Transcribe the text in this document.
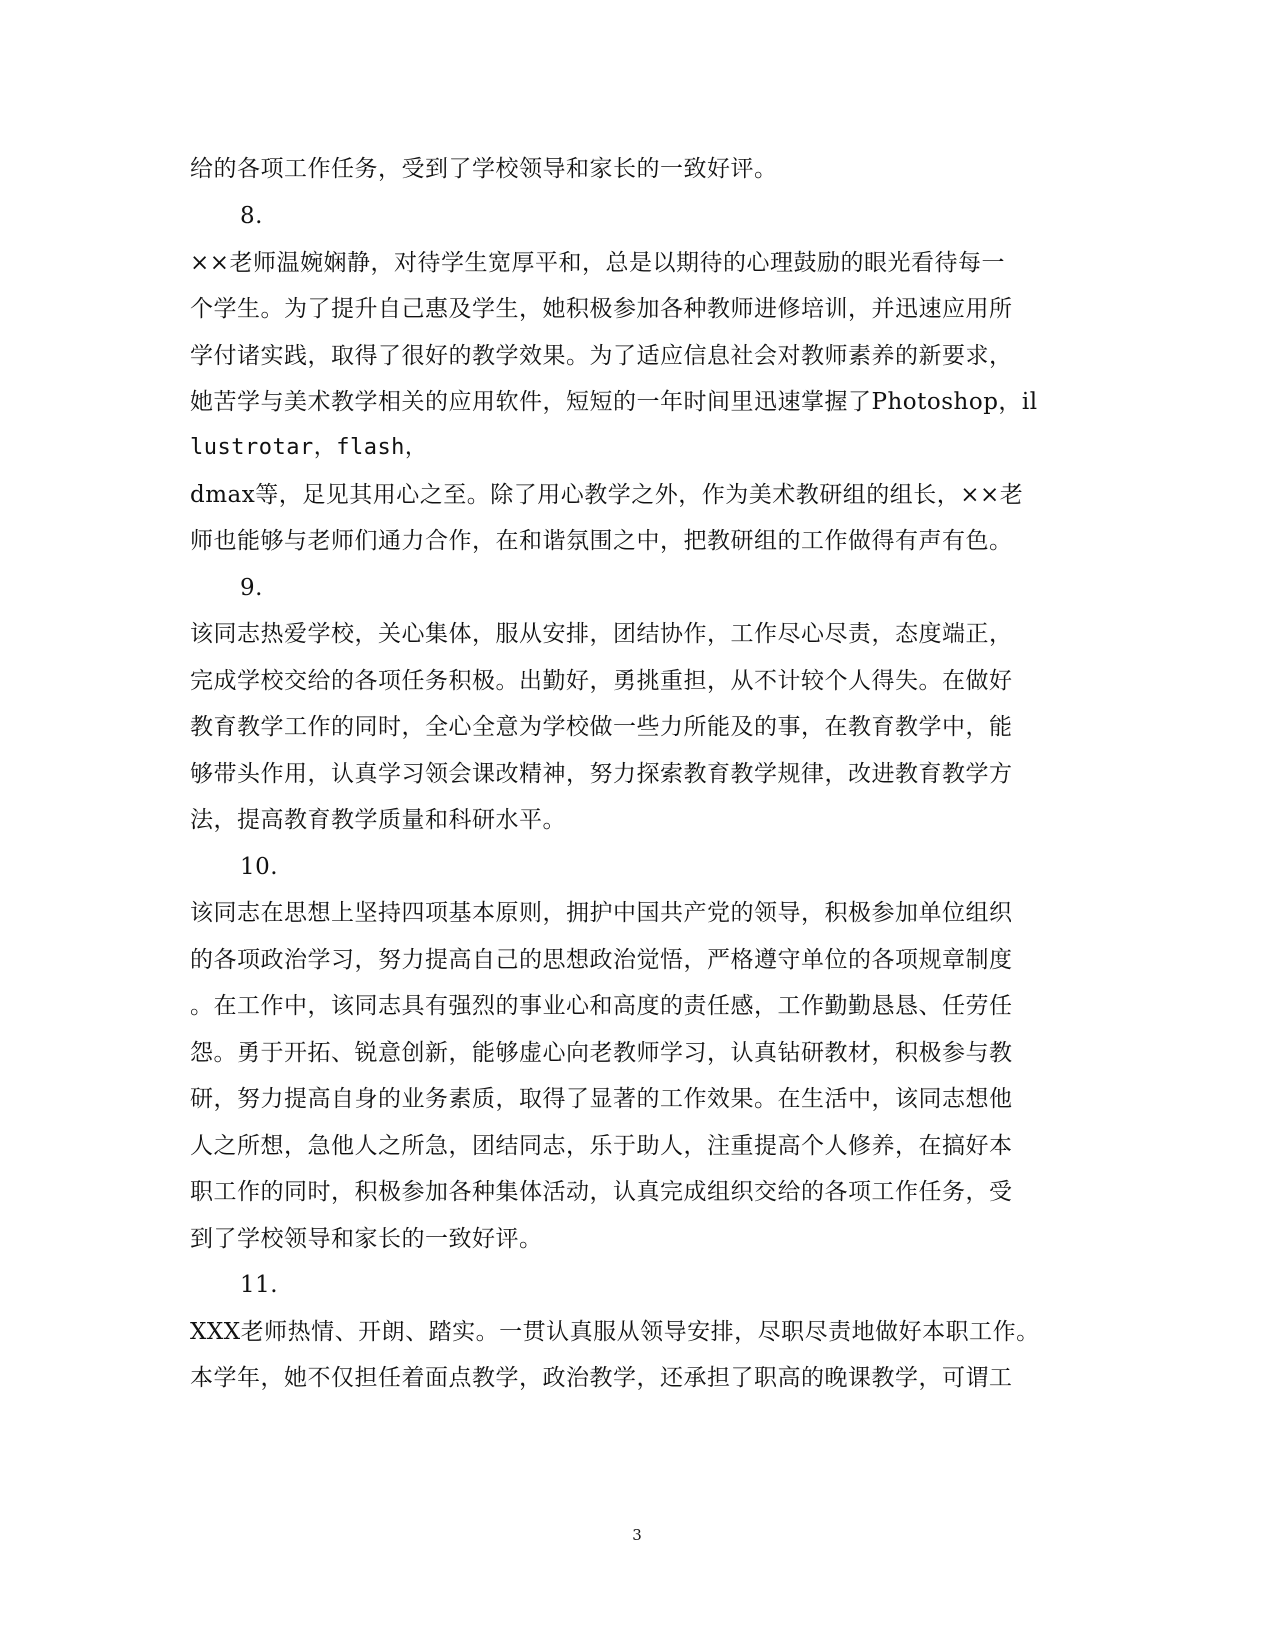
给的各项工作任务，受到了学校领导和家长的一致好评。
8.
××老师温婉娴静，对待学生宽厚平和，总是以期待的心理鼓励的眼光看待每一
个学生。为了提升自己惠及学生，她积极参加各种教师进修培训，并迅速应用所
学付诸实践，取得了很好的教学效果。为了适应信息社会对教师素养的新要求，
她苦学与美术教学相关的应用软件，短短的一年时间里迅速掌握了Photoshop，il
lustrotar，flash，
dmax等，足见其用心之至。除了用心教学之外，作为美术教研组的组长，××老
师也能够与老师们通力合作，在和谐氛围之中，把教研组的工作做得有声有色。
9.
该同志热爱学校，关心集体，服从安排，团结协作，工作尽心尽责，态度端正，
完成学校交给的各项任务积极。出勤好，勇挑重担，从不计较个人得失。在做好
教育教学工作的同时，全心全意为学校做一些力所能及的事，在教育教学中，能
够带头作用，认真学习领会课改精神，努力探索教育教学规律，改进教育教学方
法，提高教育教学质量和科研水平。
10.
该同志在思想上坚持四项基本原则，拥护中国共产党的领导，积极参加单位组织
的各项政治学习，努力提高自己的思想政治觉悟，严格遵守单位的各项规章制度
。在工作中，该同志具有强烈的事业心和高度的责任感，工作勤勤恳恳、任劳任
怨。勇于开拓、锐意创新，能够虚心向老教师学习，认真钻研教材，积极参与教
研，努力提高自身的业务素质，取得了显著的工作效果。在生活中，该同志想他
人之所想，急他人之所急，团结同志，乐于助人，注重提高个人修养，在搞好本
职工作的同时，积极参加各种集体活动，认真完成组织交给的各项工作任务，受
到了学校领导和家长的一致好评。
11.
XXX老师热情、开朗、踏实。一贯认真服从领导安排，尽职尽责地做好本职工作。
本学年，她不仅担任着面点教学，政治教学，还承担了职高的晚课教学，可谓工
3
